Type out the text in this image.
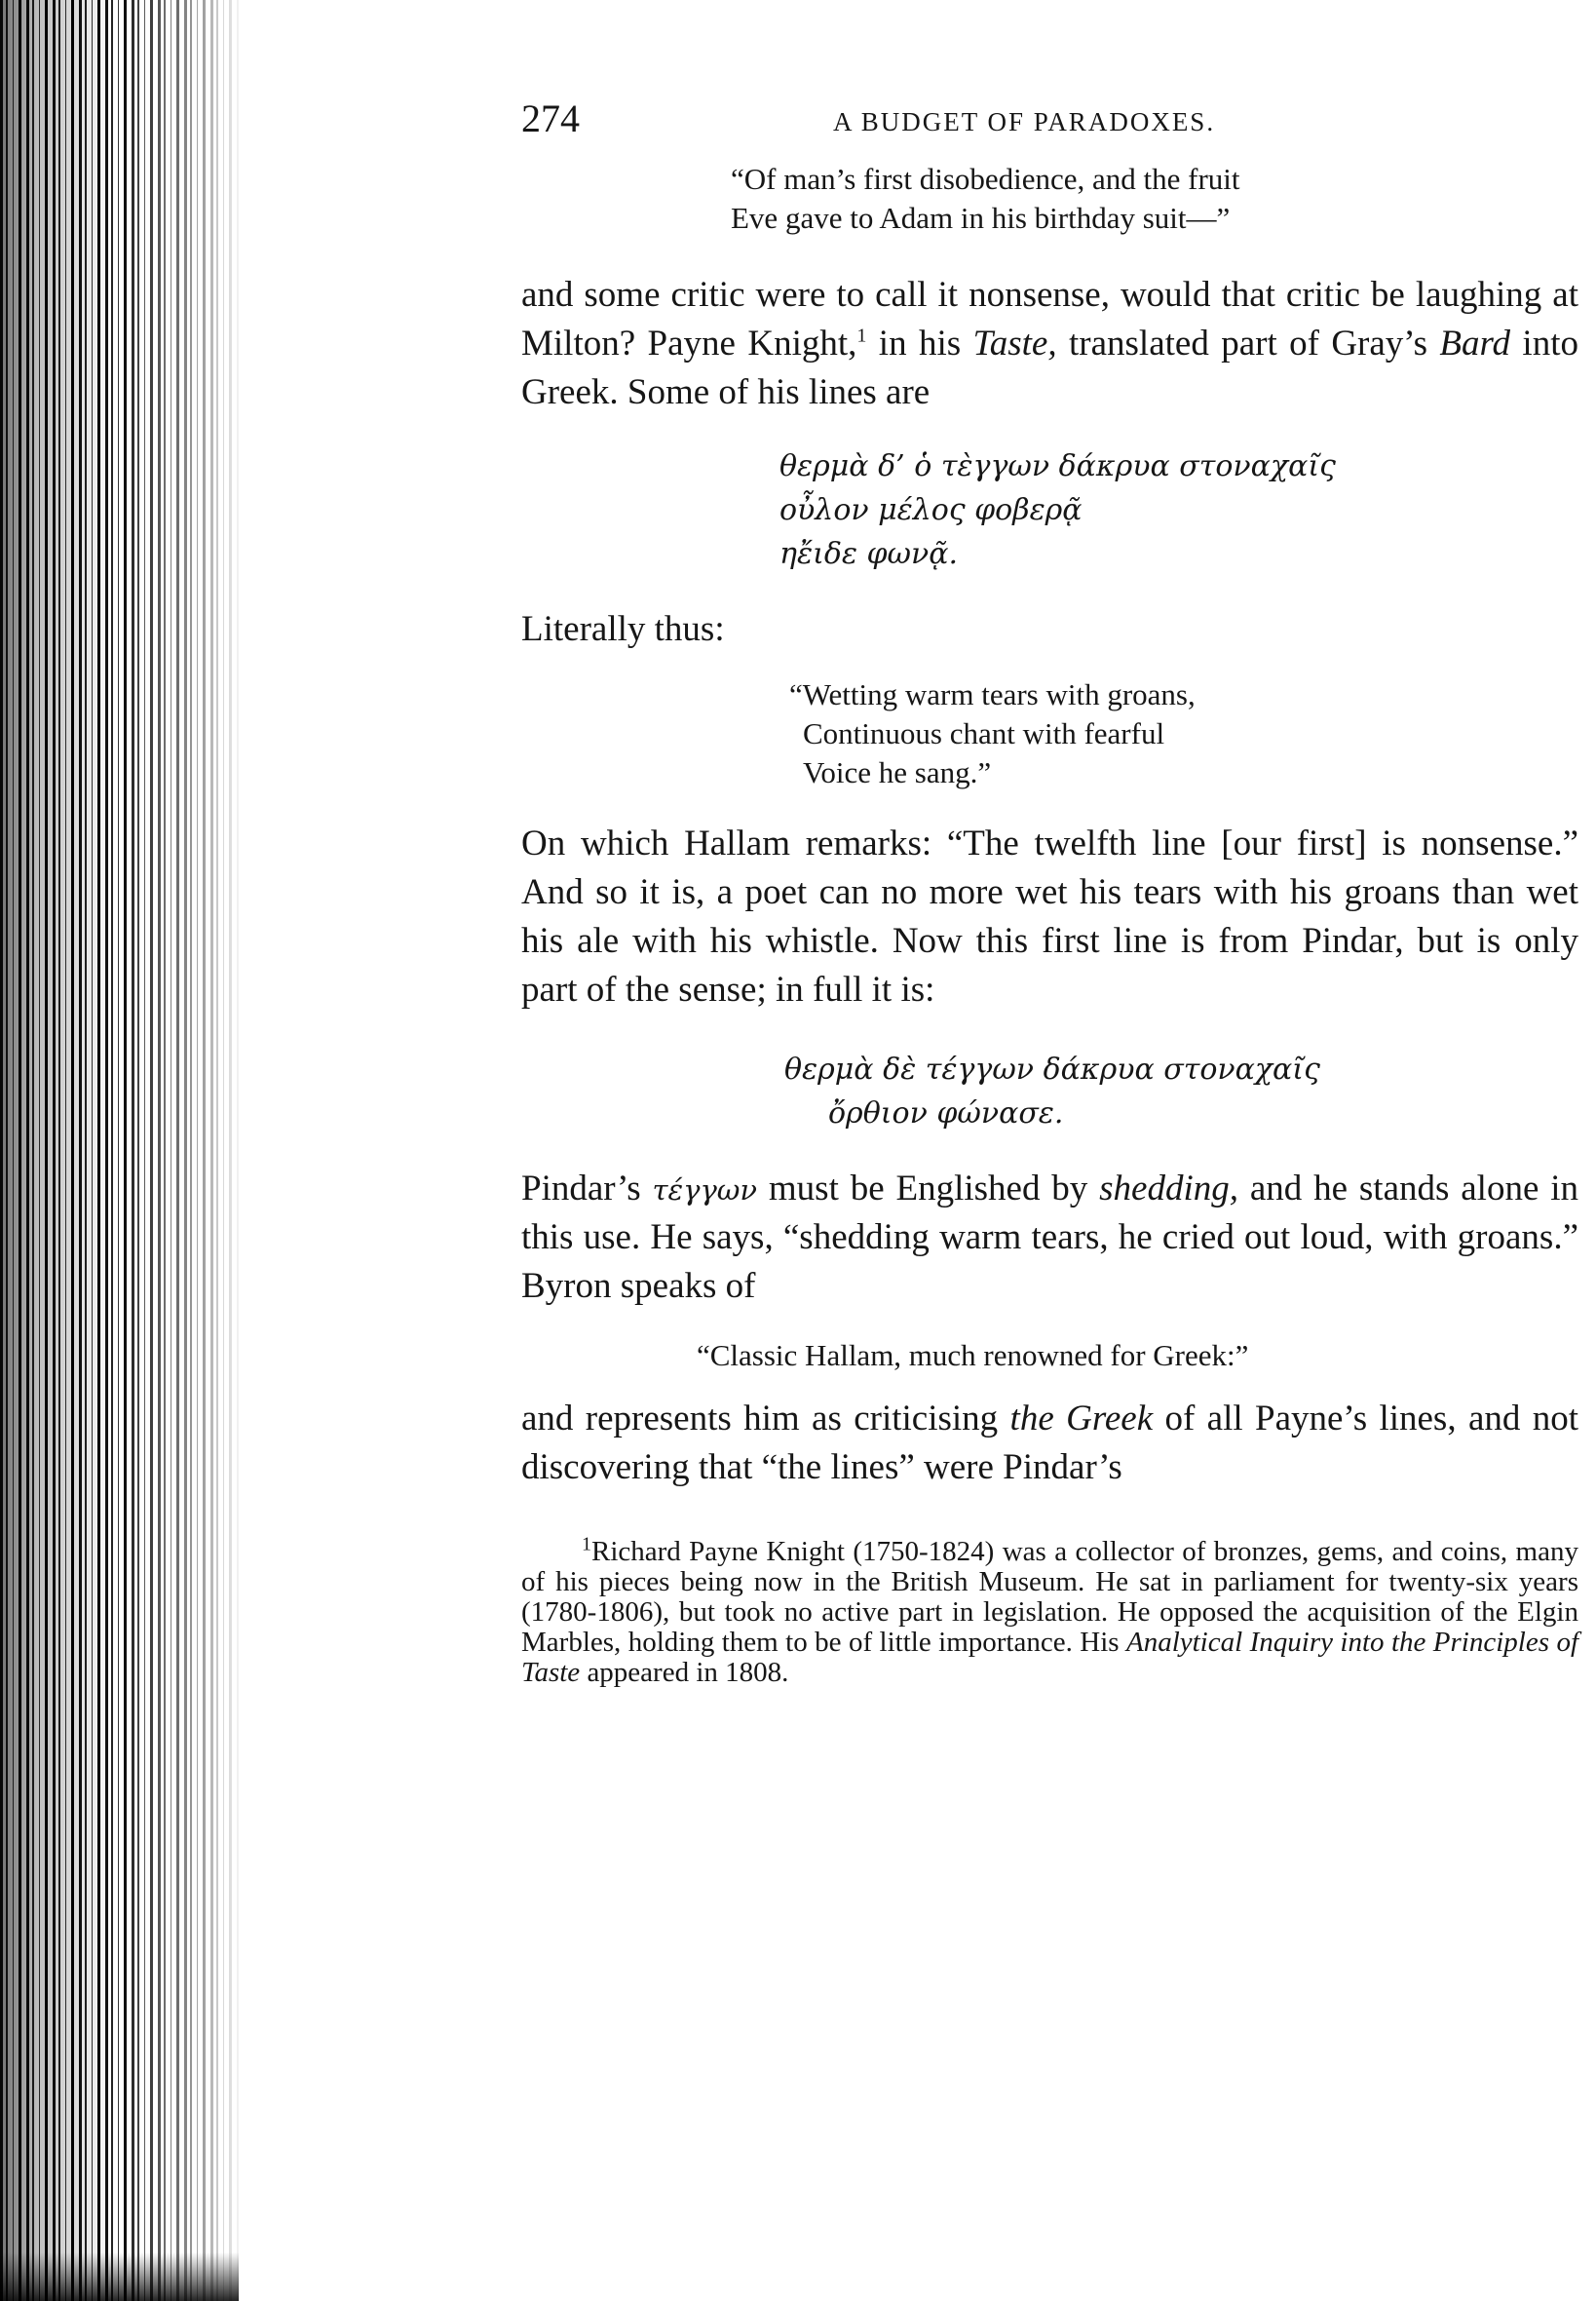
274	A BUDGET OF PARADOXES.
“Of man’s first disobedience, and the fruit
Eve gave to Adam in his birthday suit—”

and some critic were to call it nonsense, would that critic be laughing at Milton? Payne Knight,$^1$ in his Taste, translated part of Gray’s Bard into Greek. Some of his lines are

θερμὰ δ’ ὁ τὲγγων δάκρυα στοναχαῖς
οὖλον μέλος φοβερᾷ
ηἔιδε φωνᾷ.

Literally thus:

“Wetting warm tears with groans,
Continuous chant with fearful
Voice he sang.”

On which Hallam remarks: “The twelfth line [our first] is nonsense.” And so it is, a poet can no more wet his tears with his groans than wet his ale with his whistle. Now this first line is from Pindar, but is only part of the sense; in full it is:

θερμὰ δὲ τέγγων δάκρυα στοναχαῖς
ὄρθιον φώνασε.

Pindar’s τέγγων must be Englished by shedding, and he stands alone in this use. He says, “shedding warm tears, he cried out loud, with groans.” Byron speaks of

“Classic Hallam, much renowned for Greek:”

and represents him as criticising the Greek of all Payne’s lines, and not discovering that “the lines” were Pindar’s

$^1$Richard Payne Knight (1750-1824) was a collector of bronzes, gems, and coins, many of his pieces being now in the British Museum. He sat in parliament for twenty-six years (1780-1806), but took no active part in legislation. He opposed the acquisition of the Elgin Marbles, holding them to be of little importance. His Analytical Inquiry into the Principles of Taste appeared in 1808.
